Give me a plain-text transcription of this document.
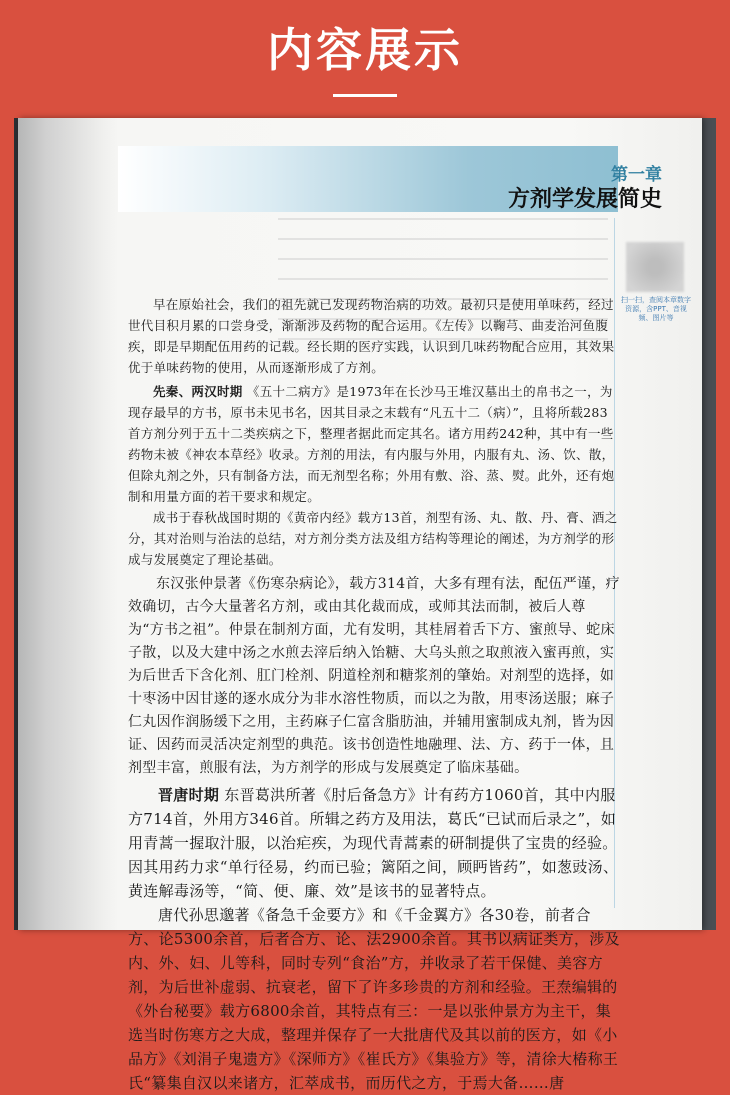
内容展示
第一章
方剂学发展简史
扫一扫，查阅本章数字资源，含PPT、音视频、图片等

早在原始社会，我们的祖先就已发现药物治病的功效。最初只是使用单味药，经过世代目积月累的口尝身受，渐渐涉及药物的配合运用。《左传》以鞠芎、曲麦治河鱼腹疾，即是早期配伍用药的记载。经长期的医疗实践，认识到几味药物配合应用，其效果优于单味药物的使用，从而逐渐形成了方剂。

先秦、两汉时期 《五十二病方》是1973年在长沙马王堆汉墓出土的帛书之一，为现存最早的方书，原书未见书名，因其目录之末载有“凡五十二（病）”，且将所载283首方剂分列于五十二类疾病之下，整理者据此而定其名。诸方用药242种，其中有一些药物未被《神农本草经》收录。方剂的用法，有内服与外用，内服有丸、汤、饮、散，但除丸剂之外，只有制备方法，而无剂型名称；外用有敷、浴、蒸、熨。此外，还有炮制和用量方面的若干要求和规定。

成书于春秋战国时期的《黄帝内经》载方13首，剂型有汤、丸、散、丹、膏、酒之分，其对治则与治法的总结，对方剂分类方法及组方结构等理论的阐述，为方剂学的形成与发展奠定了理论基础。

东汉张仲景著《伤寒杂病论》，载方314首，大多有理有法，配伍严谨，疗效确切，古今大量著名方剂，或由其化裁而成，或师其法而制，被后人尊为“方书之祖”。仲景在制剂方面，尤有发明，其桂屑着舌下方、蜜煎导、蛇床子散，以及大建中汤之水煎去滓后纳入饴糖、大乌头煎之取煎液入蜜再煎，实为后世舌下含化剂、肛门栓剂、阴道栓剂和糖浆剂的肇始。对剂型的选择，如十枣汤中因甘遂的逐水成分为非水溶性物质，而以之为散，用枣汤送服；麻子仁丸因作润肠缓下之用，主药麻子仁富含脂肪油，并辅用蜜制成丸剂，皆为因证、因药而灵活决定剂型的典范。该书创造性地融理、法、方、药于一体，且剂型丰富，煎服有法，为方剂学的形成与发展奠定了临床基础。

晋唐时期 东晋葛洪所著《肘后备急方》计有药方1060首，其中内服方714首，外用方346首。所辑之药方及用法，葛氏“已试而后录之”，如用青蒿一握取汁服，以治疟疾，为现代青蒿素的研制提供了宝贵的经验。因其用药力求“单行径易，约而已验；篱陌之间，顾眄皆药”，如葱豉汤、黄连解毒汤等，“简、便、廉、效”是该书的显著特点。

唐代孙思邈著《备急千金要方》和《千金翼方》各30卷，前者合方、论5300余首，后者合方、论、法2900余首。其书以病证类方，涉及内、外、妇、儿等科，同时专列“食治”方，并收录了若干保健、美容方剂，为后世补虚弱、抗衰老，留下了许多珍贵的方剂和经验。王焘编辑的《外台秘要》载方6800余首，其特点有三：一是以张仲景方为主干，集选当时伤寒方之大成，整理并保存了一大批唐代及其以前的医方，如《小品方》《刘涓子鬼遗方》《深师方》《崔氏方》《集验方》等，清徐大椿称王氏“纂集自汉以来诸方，汇萃成书，而历代之方，于焉大备……唐
